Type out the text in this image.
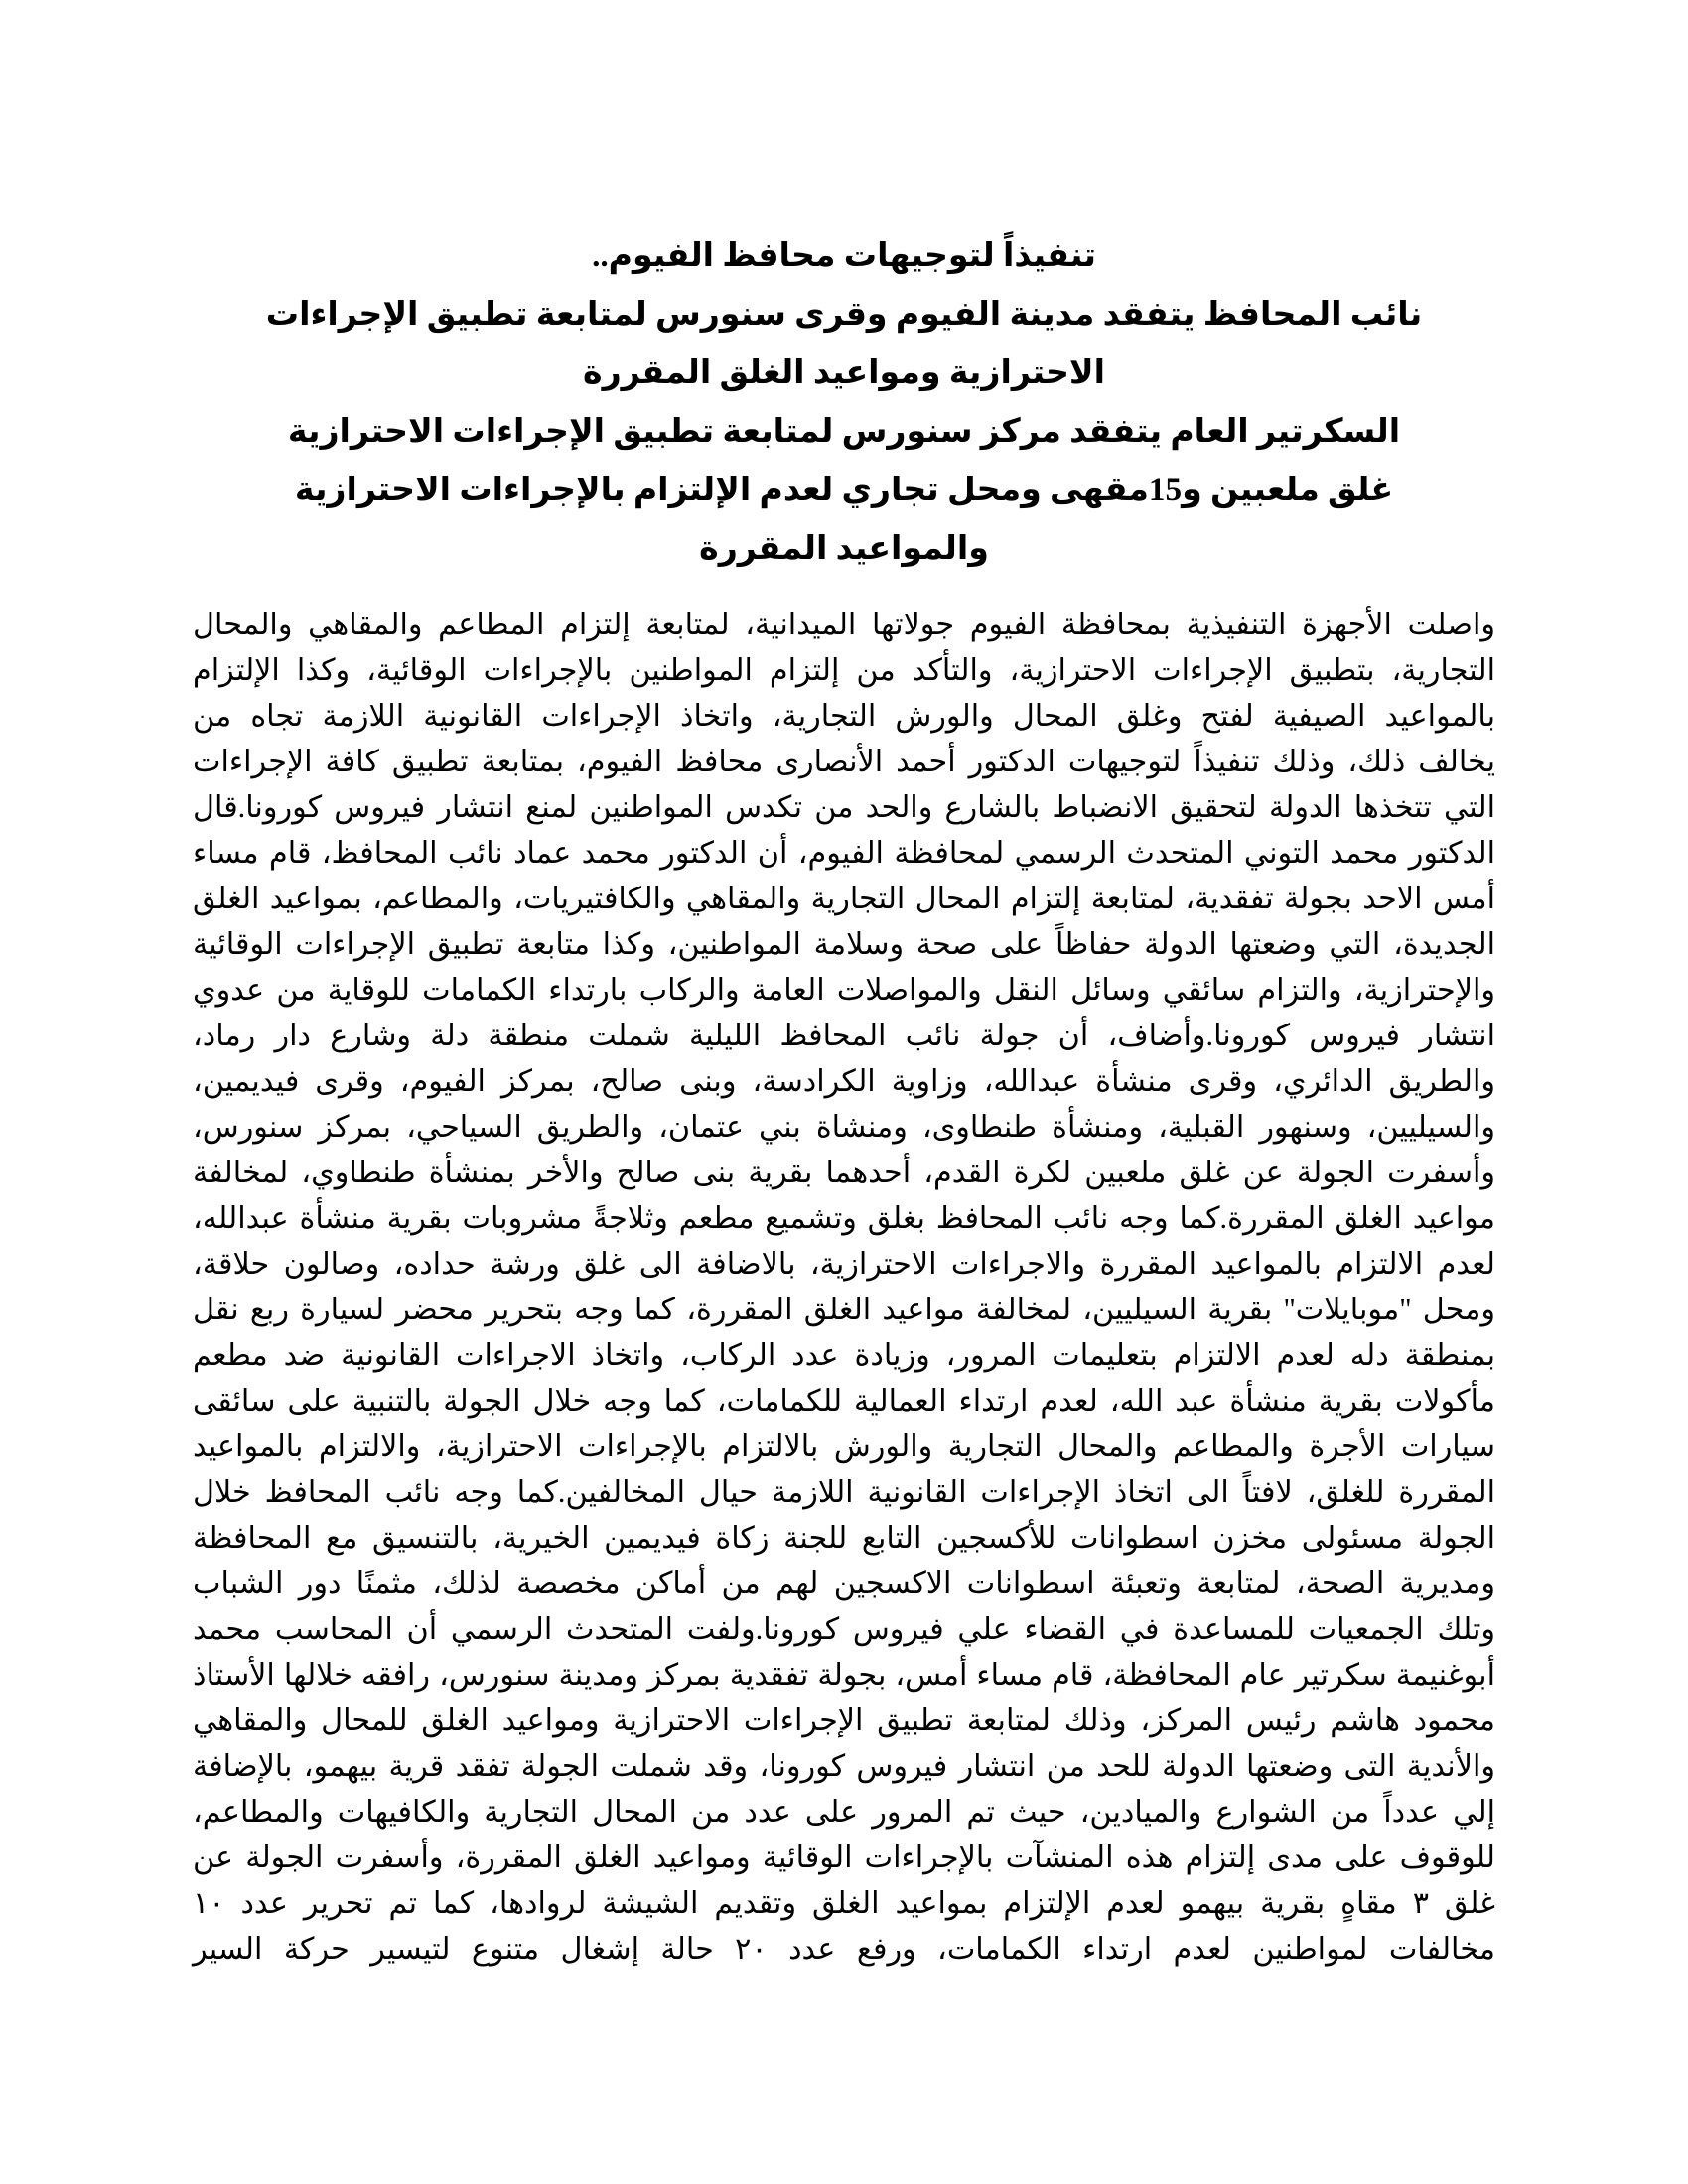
تنفيذاً لتوجيهات محافظ الفيوم..
نائب المحافظ يتفقد مدينة الفيوم وقرى سنورس لمتابعة تطبيق الإجراءات
الاحترازية ومواعيد الغلق المقررة
السكرتير العام يتفقد مركز سنورس لمتابعة تطبيق الإجراءات الاحترازية
غلق ملعبين و15مقهى ومحل تجاري لعدم الإلتزام بالإجراءات الاحترازية
والمواعيد المقررة
واصلت الأجهزة التنفيذية بمحافظة الفيوم جولاتها الميدانية، لمتابعة إلتزام المطاعم والمقاهي والمحال
التجارية، بتطبيق الإجراءات الاحترازية، والتأكد من إلتزام المواطنين بالإجراءات الوقائية، وكذا الإلتزام
بالمواعيد الصيفية لفتح وغلق المحال والورش التجارية، واتخاذ الإجراءات القانونية اللازمة تجاه من
يخالف ذلك، وذلك تنفيذاً لتوجيهات الدكتور أحمد الأنصارى محافظ الفيوم، بمتابعة تطبيق كافة الإجراءات
التي تتخذها الدولة لتحقيق الانضباط بالشارع والحد من تكدس المواطنين لمنع انتشار فيروس كورونا.قال
الدكتور محمد التوني المتحدث الرسمي لمحافظة الفيوم، أن الدكتور محمد عماد نائب المحافظ، قام مساء
أمس الاحد بجولة تفقدية، لمتابعة إلتزام المحال التجارية والمقاهي والكافتيريات، والمطاعم، بمواعيد الغلق
الجديدة، التي وضعتها الدولة حفاظاً على صحة وسلامة المواطنين، وكذا متابعة تطبيق الإجراءات الوقائية
والإحترازية، والتزام سائقي وسائل النقل والمواصلات العامة والركاب بارتداء الكمامات للوقاية من عدوي
انتشار فيروس كورونا.وأضاف، أن جولة نائب المحافظ الليلية شملت منطقة دلة وشارع دار رماد،
والطريق الدائري، وقرى منشأة عبدالله، وزاوية الكرادسة، وبنى صالح، بمركز الفيوم، وقرى فيديمين،
والسيليين، وسنهور القبلية، ومنشأة طنطاوى، ومنشاة بني عتمان، والطريق السياحي، بمركز سنورس،
وأسفرت الجولة عن غلق ملعبين لكرة القدم، أحدهما بقرية بنى صالح والأخر بمنشأة طنطاوي، لمخالفة
مواعيد الغلق المقررة.كما وجه نائب المحافظ بغلق وتشميع مطعم وثلاجةً مشروبات بقرية منشأة عبدالله،
لعدم الالتزام بالمواعيد المقررة والاجراءات الاحترازية، بالاضافة الى غلق ورشة حداده، وصالون حلاقة،
ومحل "موبايلات" بقرية السيليين، لمخالفة مواعيد الغلق المقررة، كما وجه بتحرير محضر لسيارة ربع نقل
بمنطقة دله لعدم الالتزام بتعليمات المرور، وزيادة عدد الركاب، واتخاذ الاجراءات القانونية ضد مطعم
مأكولات بقرية منشأة عبد الله، لعدم ارتداء العمالية للكمامات، كما وجه خلال الجولة بالتنبية على سائقى
سيارات الأجرة والمطاعم والمحال التجارية والورش بالالتزام بالإجراءات الاحترازية، والالتزام بالمواعيد
المقررة للغلق، لافتاً الى اتخاذ الإجراءات القانونية اللازمة حيال المخالفين.كما وجه نائب المحافظ خلال
الجولة مسئولى مخزن اسطوانات للأكسجين التابع للجنة زكاة فيديمين الخيرية، بالتنسيق مع المحافظة
ومديرية الصحة، لمتابعة وتعبئة اسطوانات الاكسجين لهم من أماكن مخصصة لذلك، مثمنًا دور الشباب
وتلك الجمعيات للمساعدة في القضاء علي فيروس كورونا.ولفت المتحدث الرسمي أن المحاسب محمد
أبوغنيمة سكرتير عام المحافظة، قام مساء أمس، بجولة تفقدية بمركز ومدينة سنورس، رافقه خلالها الأستاذ
محمود هاشم رئيس المركز، وذلك لمتابعة تطبيق الإجراءات الاحترازية ومواعيد الغلق للمحال والمقاهي
والأندية التى وضعتها الدولة للحد من انتشار فيروس كورونا، وقد شملت الجولة تفقد قرية بيهمو، بالإضافة
إلي عدداً من الشوارع والميادين، حيث تم المرور على عدد من المحال التجارية والكافيهات والمطاعم،
للوقوف على مدى إلتزام هذه المنشآت بالإجراءات الوقائية ومواعيد الغلق المقررة، وأسفرت الجولة عن
غلق ٣ مقاهٍ بقرية بيهمو لعدم الإلتزام بمواعيد الغلق وتقديم الشيشة لروادها، كما تم تحرير عدد ١٠
مخالفات لمواطنين لعدم ارتداء الكمامات، ورفع عدد ٢٠ حالة إشغال متنوع لتيسير حركة السير
